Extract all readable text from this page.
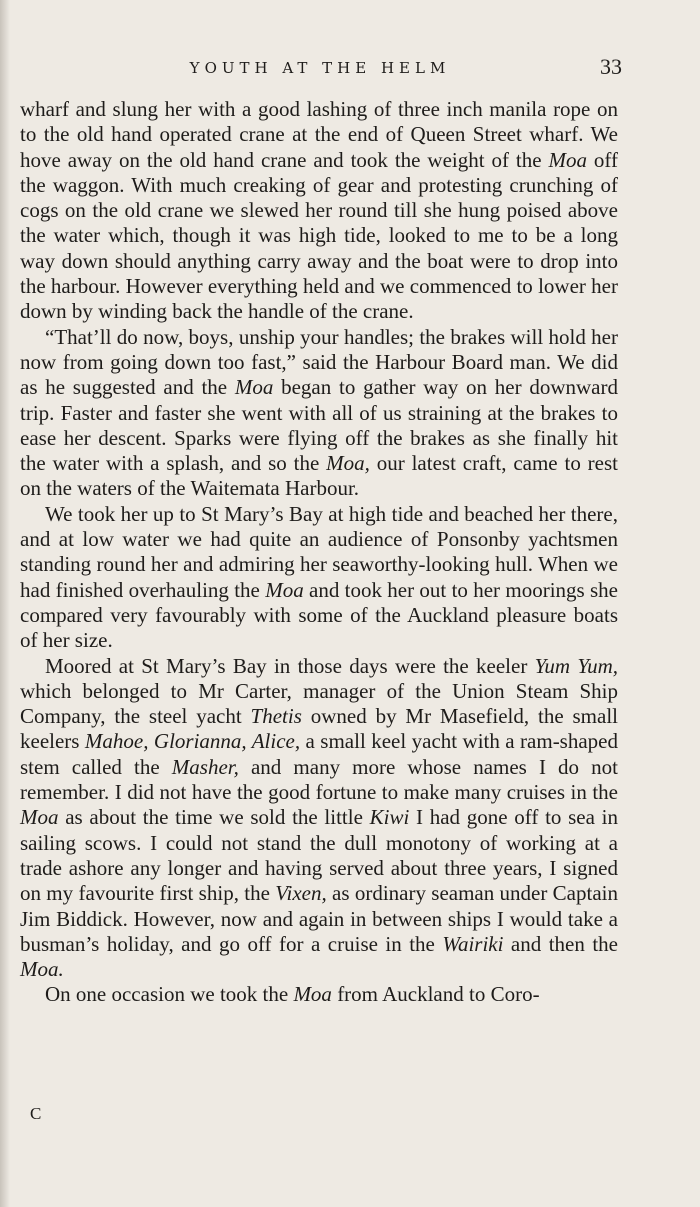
YOUTH AT THE HELM	33

wharf and slung her with a good lashing of three inch manila rope on to the old hand operated crane at the end of Queen Street wharf. We hove away on the old hand crane and took the weight of the Moa off the waggon. With much creaking of gear and protesting crunching of cogs on the old crane we slewed her round till she hung poised above the water which, though it was high tide, looked to me to be a long way down should anything carry away and the boat were to drop into the harbour. However everything held and we commenced to lower her down by winding back the handle of the crane.

“That’ll do now, boys, unship your handles; the brakes will hold her now from going down too fast,” said the Harbour Board man. We did as he suggested and the Moa began to gather way on her downward trip. Faster and faster she went with all of us straining at the brakes to ease her descent. Sparks were flying off the brakes as she finally hit the water with a splash, and so the Moa, our latest craft, came to rest on the waters of the Waitemata Harbour.

We took her up to St Mary’s Bay at high tide and beached her there, and at low water we had quite an audience of Ponsonby yachtsmen standing round her and admiring her seaworthy-looking hull. When we had finished overhauling the Moa and took her out to her moorings she compared very favourably with some of the Auckland pleasure boats of her size.

Moored at St Mary’s Bay in those days were the keeler Yum Yum, which belonged to Mr Carter, manager of the Union Steam Ship Company, the steel yacht Thetis owned by Mr Masefield, the small keelers Mahoe, Glorianna, Alice, a small keel yacht with a ram-shaped stem called the Masher, and many more whose names I do not remember. I did not have the good fortune to make many cruises in the Moa as about the time we sold the little Kiwi I had gone off to sea in sailing scows. I could not stand the dull monotony of working at a trade ashore any longer and having served about three years, I signed on my favourite first ship, the Vixen, as ordinary seaman under Captain Jim Biddick. However, now and again in between ships I would take a busman’s holiday, and go off for a cruise in the Wairiki and then the Moa.

On one occasion we took the Moa from Auckland to Coro-

C
